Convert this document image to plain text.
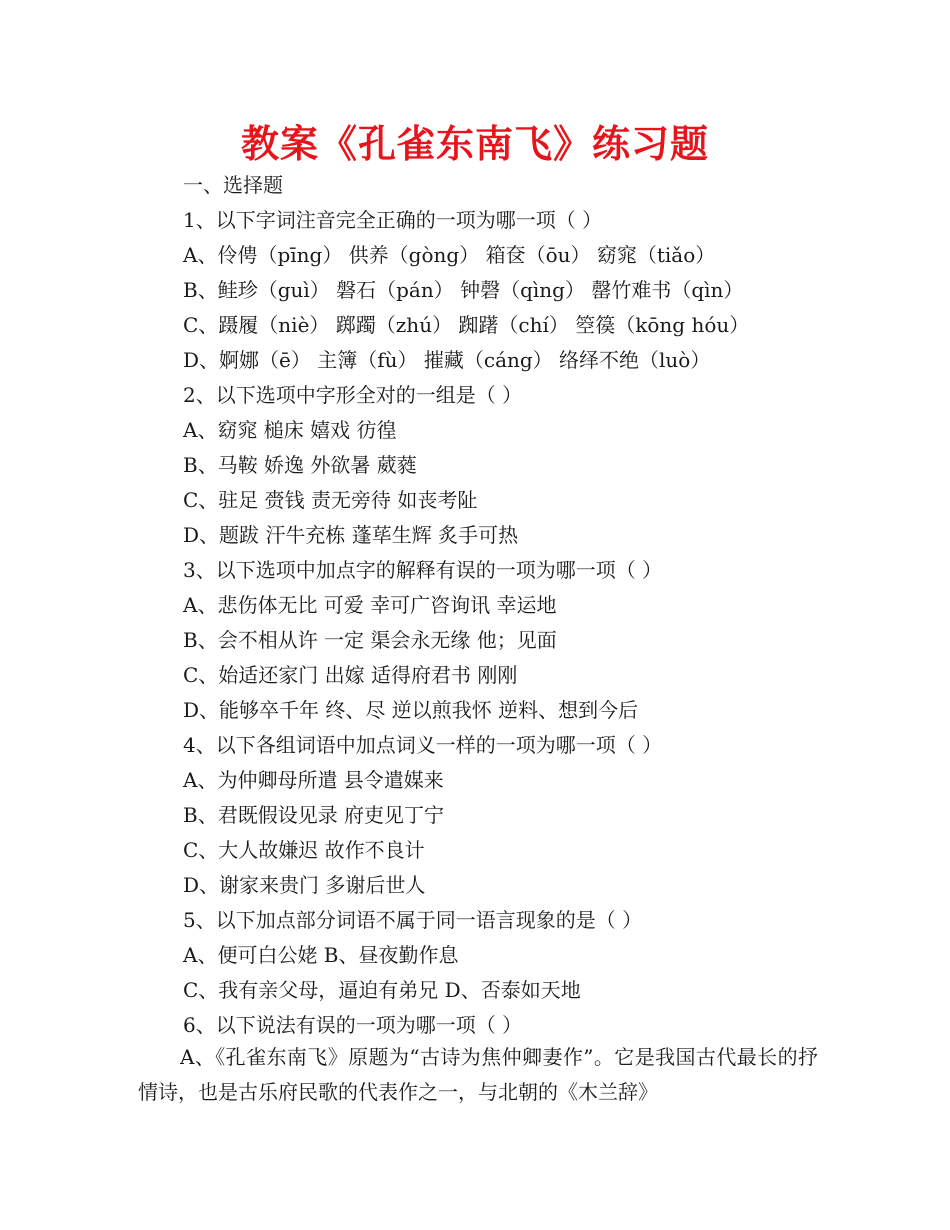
教案《孔雀东南飞》练习题
一、选择题
1、以下字词注音完全正确的一项为哪一项（ ）
A、伶俜（pīng） 供养（gòng） 箱奁（ōu） 窈窕（tiǎo）
B、鲑珍（guì） 磐石（pán） 钟磬（qìng） 罄竹难书（qìn）
C、蹑履（niè） 踯躅（zhú） 踟躇（chí） 箜篌（kōng hóu）
D、婀娜（ē） 主簿（fù） 摧藏（cáng） 络绎不绝（luò）
2、以下选项中字形全对的一组是（ ）
A、窈窕 槌床 嬉戏 彷徨
B、马鞍 娇逸 外欲暑 葳蕤
C、驻足 赍钱 责无旁待 如丧考阯
D、题跋 汗牛充栋 蓬荜生辉 炙手可热
3、以下选项中加点字的解释有误的一项为哪一项（ ）
A、悲伤体无比 可爱 幸可广咨询讯 幸运地
B、会不相从许 一定 渠会永无缘 他；见面
C、始适还家门 出嫁 适得府君书 刚刚
D、能够卒千年 终、尽 逆以煎我怀 逆料、想到今后
4、以下各组词语中加点词义一样的一项为哪一项（ ）
A、为仲卿母所遣 县令遣媒来
B、君既假设见录 府吏见丁宁
C、大人故嫌迟 故作不良计
D、谢家来贵门 多谢后世人
5、以下加点部分词语不属于同一语言现象的是（ ）
A、便可白公姥 B、昼夜勤作息
C、我有亲父母，逼迫有弟兄 D、否泰如天地
6、以下说法有误的一项为哪一项（ ）
A、《孔雀东南飞》原题为“古诗为焦仲卿妻作”。它是我国古代最长的抒情诗，也是古乐府民歌的代表作之一，与北朝的《木兰辞》
